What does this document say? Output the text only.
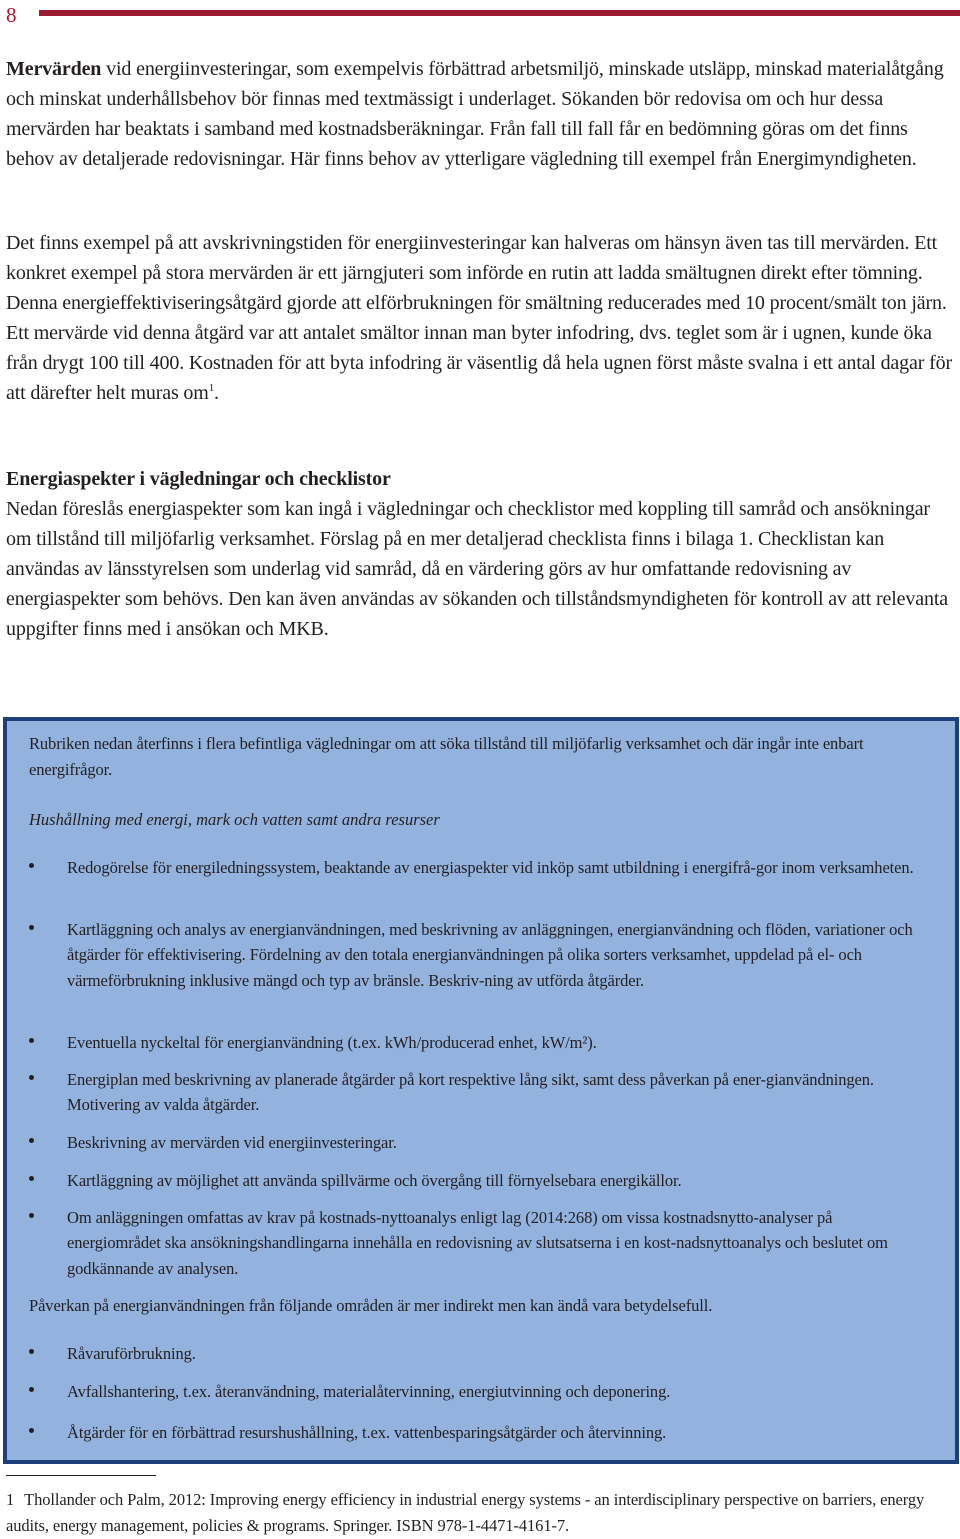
8

Mervärden vid energiinvesteringar, som exempelvis förbättrad arbetsmiljö, minskade utsläpp, minskad materialåtgång och minskat underhållsbehov bör finnas med textmässigt i underlaget. Sökanden bör redovisa om och hur dessa mervärden har beaktats i samband med kostnadsberäkningar. Från fall till fall får en bedömning göras om det finns behov av detaljerade redovisningar. Här finns behov av ytterligare vägledning till exempel från Energimyndigheten.

Det finns exempel på att avskrivningstiden för energiinvesteringar kan halveras om hänsyn även tas till mervärden. Ett konkret exempel på stora mervärden är ett järngjuteri som införde en rutin att ladda smältugnen direkt efter tömning. Denna energieffektiviseringsåtgärd gjorde att elförbrukningen för smältning reducerades med 10 procent/smält ton järn. Ett mervärde vid denna åtgärd var att antalet smältor innan man byter infodring, dvs. teglet som är i ugnen, kunde öka från drygt 100 till 400. Kostnaden för att byta infodring är väsentlig då hela ugnen först måste svalna i ett antal dagar för att därefter helt muras $om^1$.

Energiaspekter i vägledningar och checklistor
Nedan föreslås energiaspekter som kan ingå i vägledningar och checklistor med koppling till samråd och ansökningar om tillstånd till miljöfarlig verksamhet. Förslag på en mer detaljerad checklista finns i bilaga 1. Checklistan kan användas av länsstyrelsen som underlag vid samråd, då en värdering görs av hur omfattande redovisning av energiaspekter som behövs. Den kan även användas av sökanden och tillståndsmyndigheten för kontroll av att relevanta uppgifter finns med i ansökan och MKB.

Rubriken nedan återfinns i flera befintliga vägledningar om att söka tillstånd till miljöfarlig verksamhet och där ingår inte enbart energifrågor.

Hushållning med energi, mark och vatten samt andra resurser

Redogörelse för energiledningssystem, beaktande av energiaspekter vid inköp samt utbildning i energifrå-gor inom verksamheten.
Kartläggning och analys av energianvändningen, med beskrivning av anläggningen, energianvändning och flöden, variationer och åtgärder för effektivisering. Fördelning av den totala energianvändningen på olika sorters verksamhet, uppdelad på el- och värmeförbrukning inklusive mängd och typ av bränsle. Beskriv-ning av utförda åtgärder.
Eventuella nyckeltal för energianvändning (t.ex. kWh/producerad enhet, kW/m²).
Energiplan med beskrivning av planerade åtgärder på kort respektive lång sikt, samt dess påverkan på ener-gianvändningen. Motivering av valda åtgärder.
Beskrivning av mervärden vid energiinvesteringar.
Kartläggning av möjlighet att använda spillvärme och övergång till förnyelsebara energikällor.
Om anläggningen omfattas av krav på kostnads-nyttoanalys enligt lag (2014:268) om vissa kostnadsnytto-analyser på energiområdet ska ansökningshandlingarna innehålla en redovisning av slutsatserna i en kost-nadsnyttoanalys och beslutet om godkännande av analysen.

Påverkan på energianvändningen från följande områden är mer indirekt men kan ändå vara betydelsefull.

Råvaruförbrukning.
Avfallshantering, t.ex. återanvändning, materialåtervinning, energiutvinning och deponering.
Åtgärder för en förbättrad resurshushållning, t.ex. vattenbesparingsåtgärder och återvinning.

1 Thollander och Palm, 2012: Improving energy efficiency in industrial energy systems - an interdisciplinary perspective on barriers, energy audits, energy management, policies & programs. Springer. ISBN 978-1-4471-4161-7.
